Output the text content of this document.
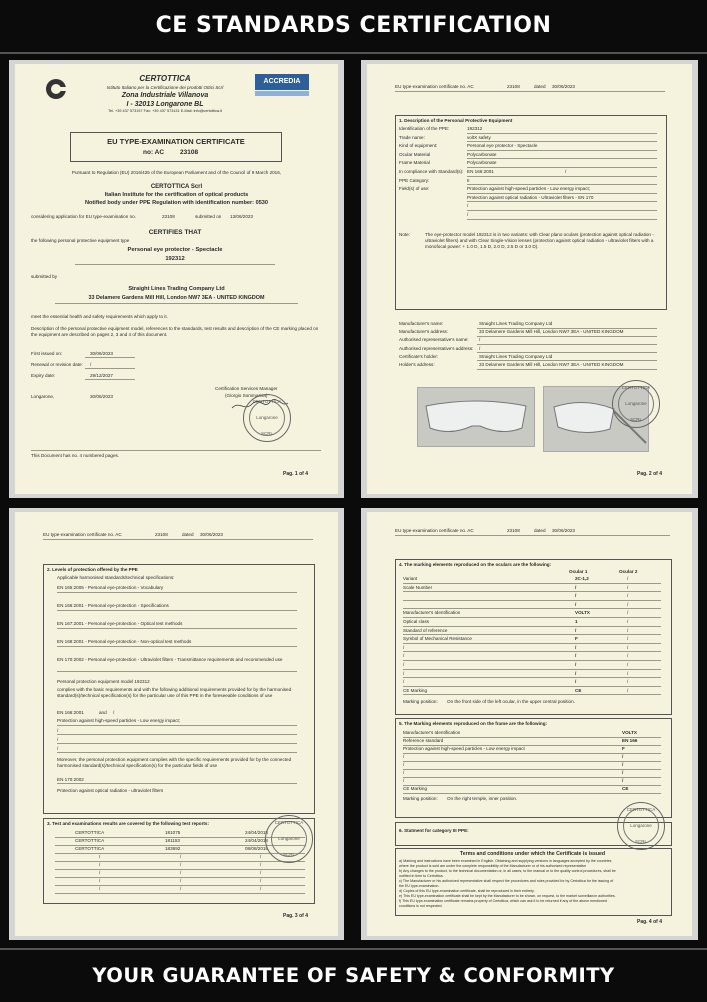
CE STANDARDS CERTIFICATION
CERTOTTICA
Istituto Italiano per la Certificazione dei prodotti Ottici Scrl
Zona Industriale Villanova
I - 32013 Longarone BL
Tel. +39 437 573157 Fax: +39 437 573131 E-Mail: info@certottica.it
ACCREDIA
EU TYPE-EXAMINATION CERTIFICATE
no: AC 23108
Pursuant to Regulation (EU) 2016/425 of the European Parliament and of the Council of 9 March 2016,
CERTOTTICA Scrl
Italian Institute for the certification of optical products
Notified body under PPE Regulation with identification number: 0530
considering application for EU type-examination no.	23108	submitted on 13/06/2023
CERTIFIES THAT
the following personal protective equipment type
Personal eye protector - Spectacle
192312
submitted by
Straight Lines Trading Company Ltd
33 Delamere Gardens Mill Hill, London NW7 3EA - UNITED KINGDOM
meet the essential health and safety requirements which apply to it.
Description of the personal protective equipment model, references to the standards, test results and description of the CE marking placed on the equipment are described on pages 2, 3 and 4 of this document.
First issued on:	30/06/2023
Renewal or revision date: /
Expiry date:	29/12/2027
Longarone,	30/06/2023
Certification Services Manager
(Giorgio Sommariva)
CERTOTTICA
Longarone
SCRL
This Document has no. 4 numbered pages.
Pag. 1 of 4
EU type-examination certificate no. AC	23108	dated 30/06/2023
1. Description of the Personal Protective Equipment
Identification of the PPE:	192312
Trade name:	voltX safety
Kind of equipment:	Personal eye protector - Spectacle
Ocular Material	Polycarbonate
Frame Material	Polycarbonate
In compliance with Standard(s): EN 166:2001	/
PPE Category:	II
Field(s) of use:	Protection against high-speed particles - Low energy impact;
Protection against optical radiation - Ultraviolet filters - EN 170
/
/
Note:	The eye-protector model 192312 is in two variants: with Clear plano oculars (protection against optical radiation - ultraviolet filters) and with Clear Single-Vision lenses (protection against optical radiation - ultraviolet filters with a monofocal power: + 1.0 D, 1.5 D, 2.0 D, 2.5 D or 3.0 D).
Manufacturer's name:	Straight Lines Trading Company Ltd
Manufacturer's address:	33 Delamere Gardens Mill Hill, London NW7 3EA - UNITED KINGDOM
Authorised representative's name: /
Authorised representative's address: /
Certificate's holder:	Straight Lines Trading Company Ltd
Holder's address:	33 Delamere Gardens Mill Hill, London NW7 3EA - UNITED KINGDOM
CERTOTTICA
Longarone
SCRL
Pag. 2 of 4
EU type-examination certificate no. AC	23108	dated 30/06/2023
2. Levels of protection offered by the PPE
Applicable harmonised standards/technical specifications:
EN 165:2005 - Personal eye-protection - Vocabulary
EN 166:2001 - Personal eye-protection - Specifications
EN 167:2001 - Personal eye-protection - Optical test methods
EN 168:2001 - Personal eye-protection - Non-optical test methods
EN 170:2002 - Personal eye-protection - Ultraviolet filters - Transmittance requirements and recommended use
Personal protection equipment model 192312
complies with the basic requirements and with the following additional requirements provided for by the harmonised standard(s)/technical specification(s) for the particular use of this PPE in the foreseeable conditions of use
EN 166:2001	and /
Protection against high-speed particles - Low energy impact;
/
/
/
Moreover, the personal protection equipment complies with the specific requirements provided for by the connected harmonised standard(s)/technical specification(s) for the particular fields of use
EN 170:2002
Protection against optical radiation - ultraviolet filters
3. Test and examinations results are covered by the following test reports:
CERTOTTICA	181075	24/04/2018
CERTOTTICA	181153	24/04/2018
CERTOTTICA	183692	08/08/2018
/	/	/
/	/	/
/	/	/
/	/	/
/	/	/
CERTOTTICA
Longarone
SCRL
Pag. 3 of 4
EU type-examination certificate no. AC	23108	dated 30/06/2023
4. The marking elements reproduced on the oculars are the following:
Ocular 1	Ocular 2
Variant	2C-1,2	/
Scale Number	/	/
/	/
/	/
Manufacturer's Identification	VOLTX	/
Optical class	1	/
Standard of reference	/	/
Symbol of Mechanical Resistance	F	/
/	/	/
/	/	/
/	/	/
/	/	/
/	/	/
CE Marking	CE	/
Marking position: On the front side of the left ocular, in the upper central position.
5. The Marking elements reproduced on the frame are the following:
Manufacturer's Identification	VOLTX
Reference standard	EN 166
Protection against high-speed particles - Low energy impact	F
/	/
/	/
/	/
/	/
CE Marking	CE
Marking position: On the right temple, inner position.
6. Statment for category III PPE:
CERTOTTICA
Longarone
SCRL
Terms and conditions under which the Certificate is issued
a) Marking and instructions have been examined in English. Obtaining and supplying versions in languages accepted by the countries
where the product is sold are under the complete responsibility of the Manufacturer or of his authorized representative
b) Any changes to the product, to the technical documentation or, in all cases, to the manual or to the quality control procedures, shall be
notified in time to Certottica.
c) The Manufacturer or his authorized representative shall respect the procedures and rules provided for by Certottica for the issuing of
the EU type-examination.
d) Copies of this EU type-examination certificate, shall be reproduced in their entirety.
e) This EU type-examination certificate shall be kept by the Manufacturer to be shown, on request, to the market surveillance authorities.
f) This EU type-examination certificate remains property of Certottica, which can ask it to be returned if any of the above mentioned
conditions is not respected.
Pag. 4 of 4
YOUR GUARANTEE OF SAFETY & CONFORMITY
